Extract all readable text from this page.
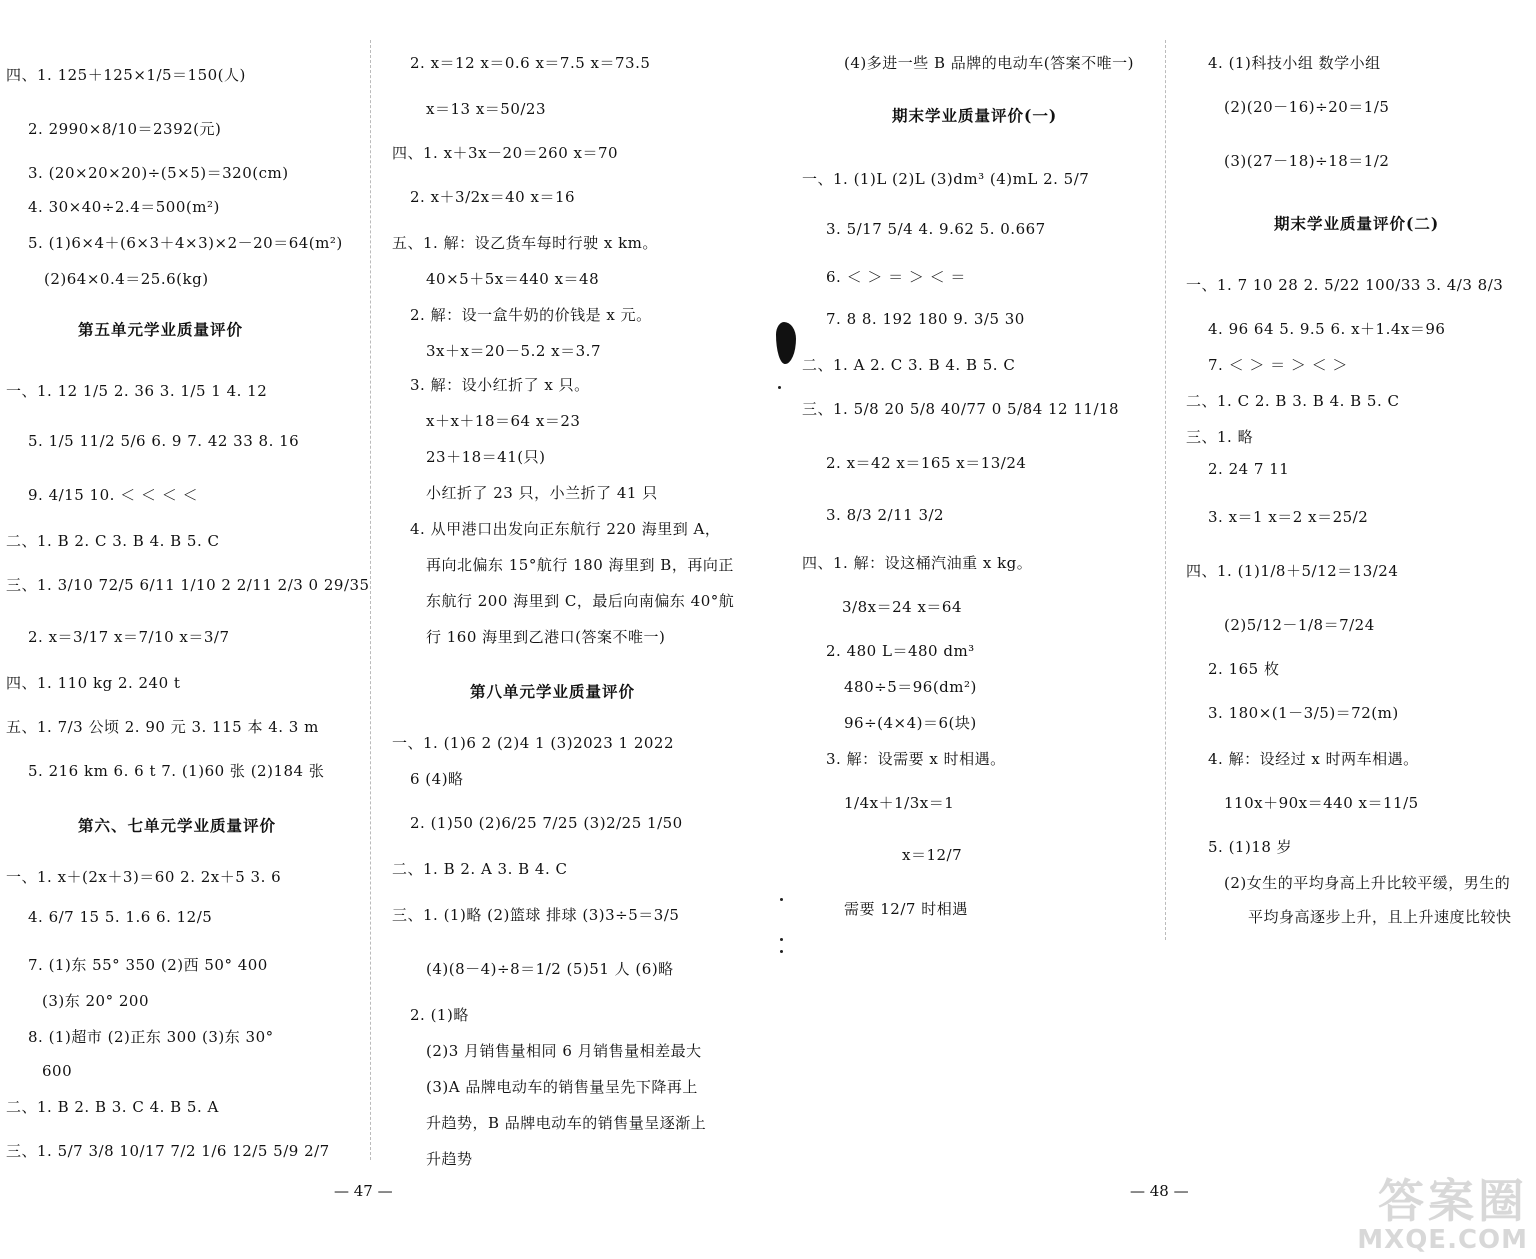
四、1. 125＋125×1/5＝150(人)
2. 2990×8/10＝2392(元)
3. (20×20×20)÷(5×5)＝320(cm)
4. 30×40÷2.4＝500(m²)
5. (1)6×4＋(6×3＋4×3)×2－20＝64(m²)
(2)64×0.4＝25.6(kg)
第五单元学业质量评价
一、1. 12 1/5 2. 36 3. 1/5 1 4. 12
5. 1/5 11/2 5/6 6. 9 7. 42 33 8. 16
9. 4/15 10. ＜ ＜ ＜ ＜
二、1. B 2. C 3. B 4. B 5. C
三、1. 3/10 72/5 6/11 1/10 2 2/11 2/3 0 29/35
2. x＝3/17 x＝7/10 x＝3/7
四、1. 110 kg 2. 240 t
五、1. 7/3 公顷 2. 90 元 3. 115 本 4. 3 m
5. 216 km 6. 6 t 7. (1)60 张 (2)184 张
第六、七单元学业质量评价
一、1. x＋(2x＋3)＝60 2. 2x＋5 3. 6
4. 6/7 15 5. 1.6 6. 12/5
7. (1)东 55° 350 (2)西 50° 400
(3)东 20° 200
8. (1)超市 (2)正东 300 (3)东 30°
600
二、1. B 2. B 3. C 4. B 5. A
三、1. 5/7 3/8 10/17 7/2 1/6 12/5 5/9 2/7
2. x＝12 x＝0.6 x＝7.5 x＝73.5
x＝13 x＝50/23
四、1. x＋3x－20＝260 x＝70
2. x＋3/2x＝40 x＝16
五、1. 解：设乙货车每时行驶 x km。
40×5＋5x＝440 x＝48
2. 解：设一盒牛奶的价钱是 x 元。
3x＋x＝20－5.2 x＝3.7
3. 解：设小红折了 x 只。
x＋x＋18＝64 x＝23
23＋18＝41(只)
小红折了 23 只，小兰折了 41 只
4. 从甲港口出发向正东航行 220 海里到 A，
再向北偏东 15°航行 180 海里到 B，再向正
东航行 200 海里到 C，最后向南偏东 40°航
行 160 海里到乙港口(答案不唯一)
第八单元学业质量评价
一、1. (1)6 2 (2)4 1 (3)2023 1 2022
6 (4)略
2. (1)50 (2)6/25 7/25 (3)2/25 1/50
二、1. B 2. A 3. B 4. C
三、1. (1)略 (2)篮球 排球 (3)3÷5＝3/5
(4)(8－4)÷8＝1/2 (5)51 人 (6)略
2. (1)略
(2)3 月销售量相同 6 月销售量相差最大
(3)A 品牌电动车的销售量呈先下降再上
升趋势，B 品牌电动车的销售量呈逐渐上
升趋势
(4)多进一些 B 品牌的电动车(答案不唯一)
期末学业质量评价(一)
一、1. (1)L (2)L (3)dm³ (4)mL 2. 5/7
3. 5/17 5/4 4. 9.62 5. 0.667
6. ＜ ＞ ＝ ＞ ＜ ＝
7. 8 8. 192 180 9. 3/5 30
二、1. A 2. C 3. B 4. B 5. C
三、1. 5/8 20 5/8 40/77 0 5/84 12 11/18
2. x＝42 x＝165 x＝13/24
3. 8/3 2/11 3/2
四、1. 解：设这桶汽油重 x kg。
3/8x＝24 x＝64
2. 480 L＝480 dm³
480÷5＝96(dm²)
96÷(4×4)＝6(块)
3. 解：设需要 x 时相遇。
1/4x＋1/3x＝1
x＝12/7
需要 12/7 时相遇
4. (1)科技小组 数学小组
(2)(20－16)÷20＝1/5
(3)(27－18)÷18＝1/2
期末学业质量评价(二)
一、1. 7 10 28 2. 5/22 100/33 3. 4/3 8/3
4. 96 64 5. 9.5 6. x＋1.4x＝96
7. ＜ ＞ ＝ ＞ ＜ ＞
二、1. C 2. B 3. B 4. B 5. C
三、1. 略
2. 24 7 11
3. x＝1 x＝2 x＝25/2
四、1. (1)1/8＋5/12＝13/24
(2)5/12－1/8＝7/24
2. 165 枚
3. 180×(1－3/5)＝72(m)
4. 解：设经过 x 时两车相遇。
110x＋90x＝440 x＝11/5
5. (1)18 岁
(2)女生的平均身高上升比较平缓，男生的
平均身高逐步上升，且上升速度比较快
— 47 —	— 48 —	答案圈
MXQE.COM
